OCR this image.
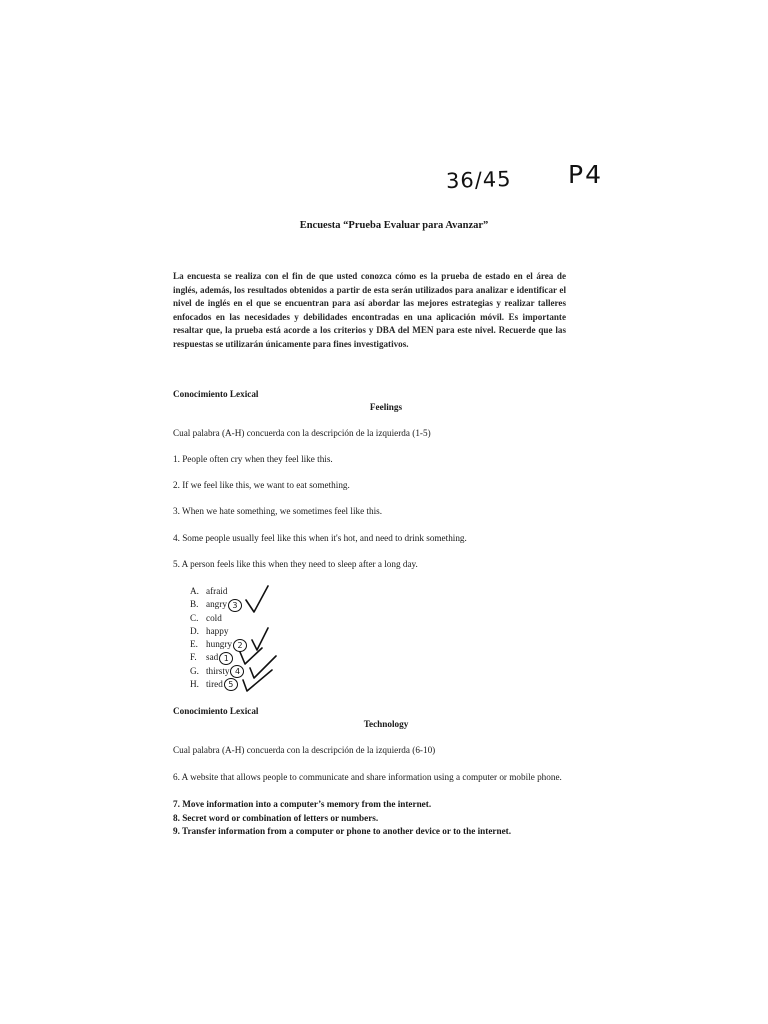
36/45 P4
Encuesta “Prueba Evaluar para Avanzar”
La encuesta se realiza con el fin de que usted conozca cómo es la prueba de estado en el área de inglés, además, los resultados obtenidos a partir de esta serán utilizados para analizar e identificar el nivel de inglés en el que se encuentran para así abordar las mejores estrategias y realizar talleres enfocados en las necesidades y debilidades encontradas en una aplicación móvil. Es importante resaltar que, la prueba está acorde a los criterios y DBA del MEN para este nivel. Recuerde que las respuestas se utilizarán únicamente para fines investigativos.
Conocimiento Lexical
Feelings
Cual palabra (A-H) concuerda con la descripción de la izquierda (1-5)
1. People often cry when they feel like this.
2. If we feel like this, we want to eat something.
3. When we hate something, we sometimes feel like this.
4. Some people usually feel like this when it's hot, and need to drink something.
5. A person feels like this when they need to sleep after a long day.
A. afraid
B. angry 3
C. cold
D. happy
E. hungry 2
F. sad 1
G. thirsty 4
H. tired 5
Conocimiento Lexical
Technology
Cual palabra (A-H) concuerda con la descripción de la izquierda (6-10)
6. A website that allows people to communicate and share information using a computer or mobile phone.
7. Move information into a computer’s memory from the internet.
8. Secret word or combination of letters or numbers.
9. Transfer information from a computer or phone to another device or to the internet.
